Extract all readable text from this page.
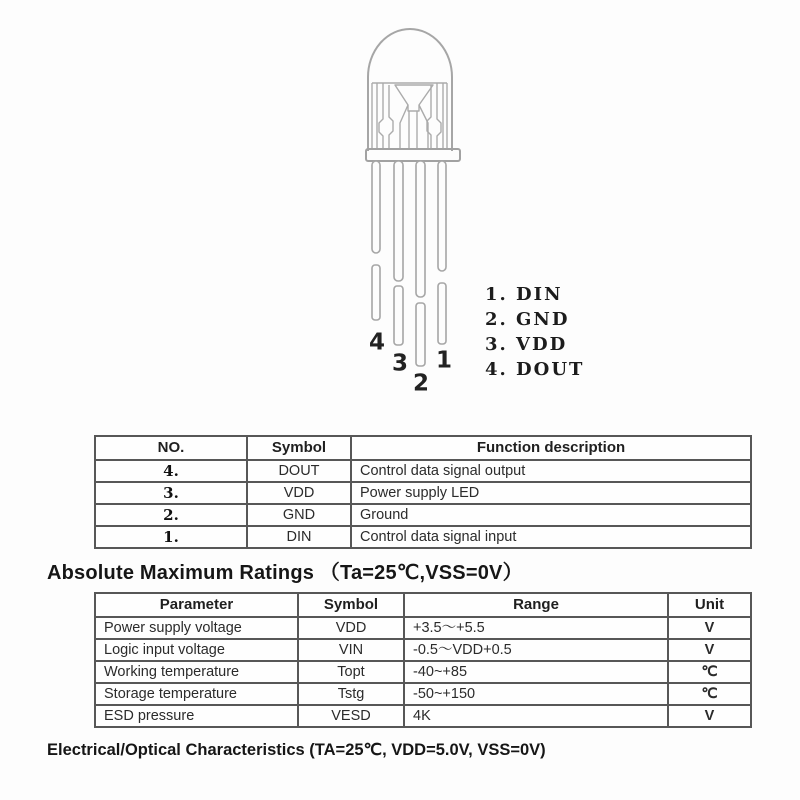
4
3
2
1
1. DIN
2. GND
3. VDD
4. DOUT
NO.	Symbol	Function description
4.	DOUT	Control data signal output
3.	VDD	Power supply LED
2.	GND	Ground
1.	DIN	Control data signal input
Absolute Maximum Ratings （Ta=25℃,VSS=0V）
Parameter	Symbol	Range	Unit
Power supply voltage	VDD	+3.5～+5.5	V
Logic input voltage	VIN	-0.5～VDD+0.5	V
Working temperature	Topt	-40~+85	℃
Storage temperature	Tstg	-50~+150	℃
ESD pressure	VESD	4K	V
Electrical/Optical Characteristics (TA=25℃, VDD=5.0V, VSS=0V)
